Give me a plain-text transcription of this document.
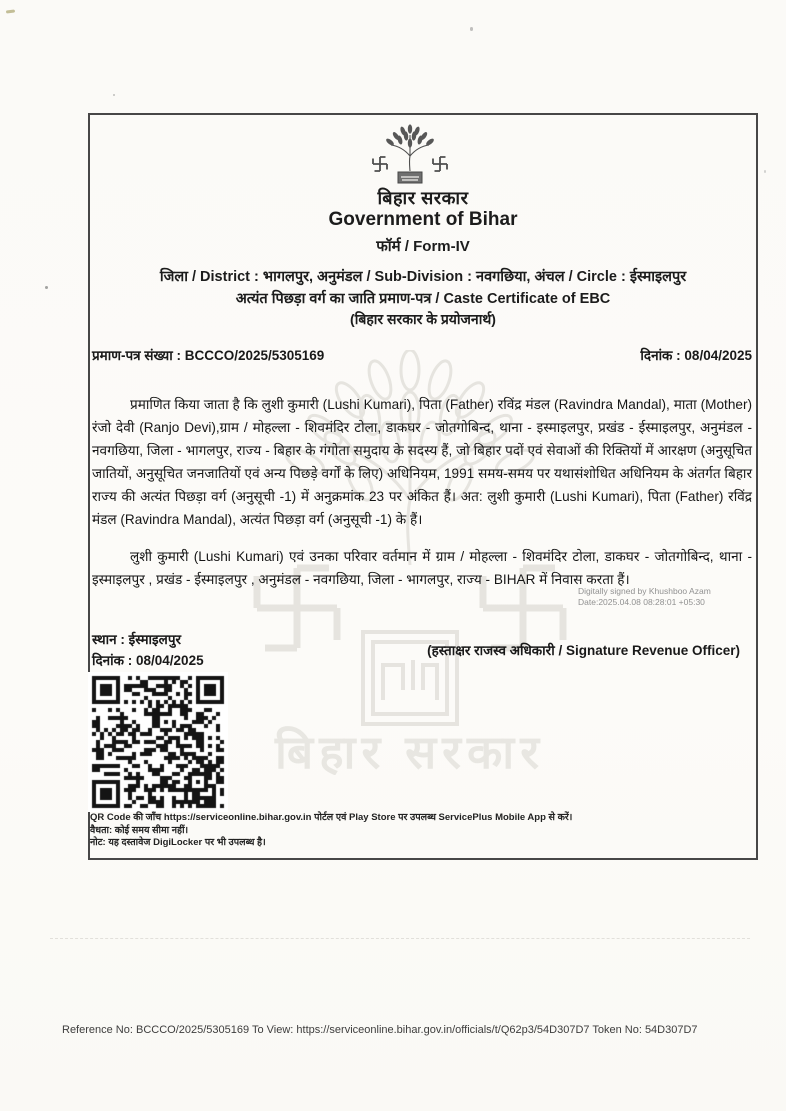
बिहार सरकार
बिहार सरकार
Government of Bihar
फॉर्म / Form-IV
जिला / District : भागलपुर, अनुमंडल / Sub-Division : नवगछिया, अंचल / Circle : ईस्माइलपुर
अत्यंत पिछड़ा वर्ग का जाति प्रमाण-पत्र / Caste Certificate of EBC
(बिहार सरकार के प्रयोजनार्थ)
प्रमाण-पत्र संख्या : BCCCO/2025/5305169	दिनांक : 08/04/2025

प्रमाणित किया जाता है कि लुशी कुमारी (Lushi Kumari), पिता (Father) रविंद्र मंडल (Ravindra Mandal), माता (Mother) रंजो देवी (Ranjo Devi),ग्राम / मोहल्ला - शिवमंदिर टोला, डाकघर - जोतगोबिन्द, थाना - इस्माइलपुर, प्रखंड - ईस्माइलपुर, अनुमंडल - नवगछिया, जिला - भागलपुर, राज्य - बिहार के गंगोता समुदाय के सदस्य हैं, जो बिहार पदों एवं सेवाओं की रिक्तियों में आरक्षण (अनुसूचित जातियों, अनुसूचित जनजातियों एवं अन्य पिछड़े वर्गों के लिए) अधिनियम, 1991 समय-समय पर यथासंशोधित अधिनियम के अंतर्गत बिहार राज्य की अत्यंत पिछड़ा वर्ग (अनुसूची -1) में अनुक्रमांक 23 पर अंकित हैं। अत: लुशी कुमारी (Lushi Kumari), पिता (Father) रविंद्र मंडल (Ravindra Mandal), अत्यंत पिछड़ा वर्ग (अनुसूची -1) के हैं।

लुशी कुमारी (Lushi Kumari) एवं उनका परिवार वर्तमान में ग्राम / मोहल्ला - शिवमंदिर टोला, डाकघर - जोतगोबिन्द, थाना - इस्माइलपुर , प्रखंड - ईस्माइलपुर , अनुमंडल - नवगछिया, जिला - भागलपुर, राज्य - BIHAR में निवास करता हैं।

Digitally signed by Khushboo Azam
Date:2025.04.08 08:28:01 +05:30
स्थान : ईस्माइलपुर
दिनांक : 08/04/2025
(हस्ताक्षर राजस्व अधिकारी / Signature Revenue Officer)
QR Code की जाँच https://serviceonline.bihar.gov.in पोर्टल एवं Play Store पर उपलब्ध ServicePlus Mobile App से करें।
वैधता: कोई समय सीमा नहीं।
नोट: यह दस्तावेज DigiLocker पर भी उपलब्ध है।
Reference No: BCCCO/2025/5305169 To View: https://serviceonline.bihar.gov.in/officials/t/Q62p3/54D307D7 Token No: 54D307D7
